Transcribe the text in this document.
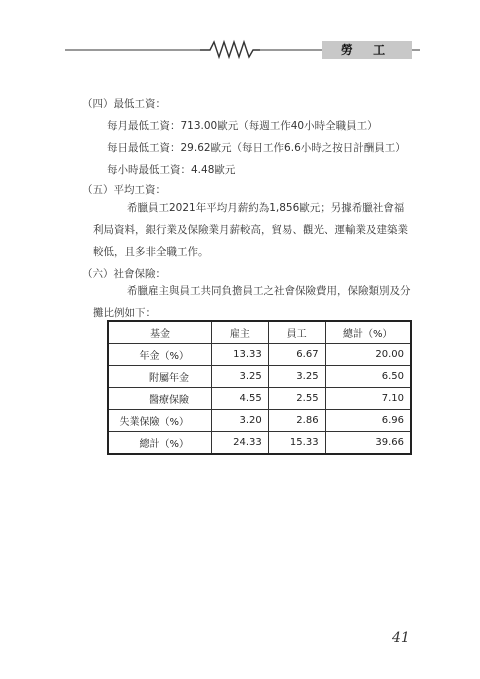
勞 工
（四）最低工資：
每月最低工資：713.00歐元（每週工作40小時全職員工）
每日最低工資：29.62歐元（每日工作6.6小時之按日計酬員工）
每小時最低工資：4.48歐元
（五）平均工資：
希臘員工2021年平均月薪約為1,856歐元；另據希臘社會福利局資料，銀行業及保險業月薪較高，貿易、觀光、運輸業及建築業較低，且多非全職工作。
（六）社會保險：
希臘雇主與員工共同負擔員工之社會保險費用，保險類別及分攤比例如下：
基金	雇主	員工	總計（%）
年金（%）	13.33	6.67	20.00
附屬年金	3.25	3.25	6.50
醫療保險	4.55	2.55	7.10
失業保險（%）	3.20	2.86	6.96
總計（%）	24.33	15.33	39.66
41
